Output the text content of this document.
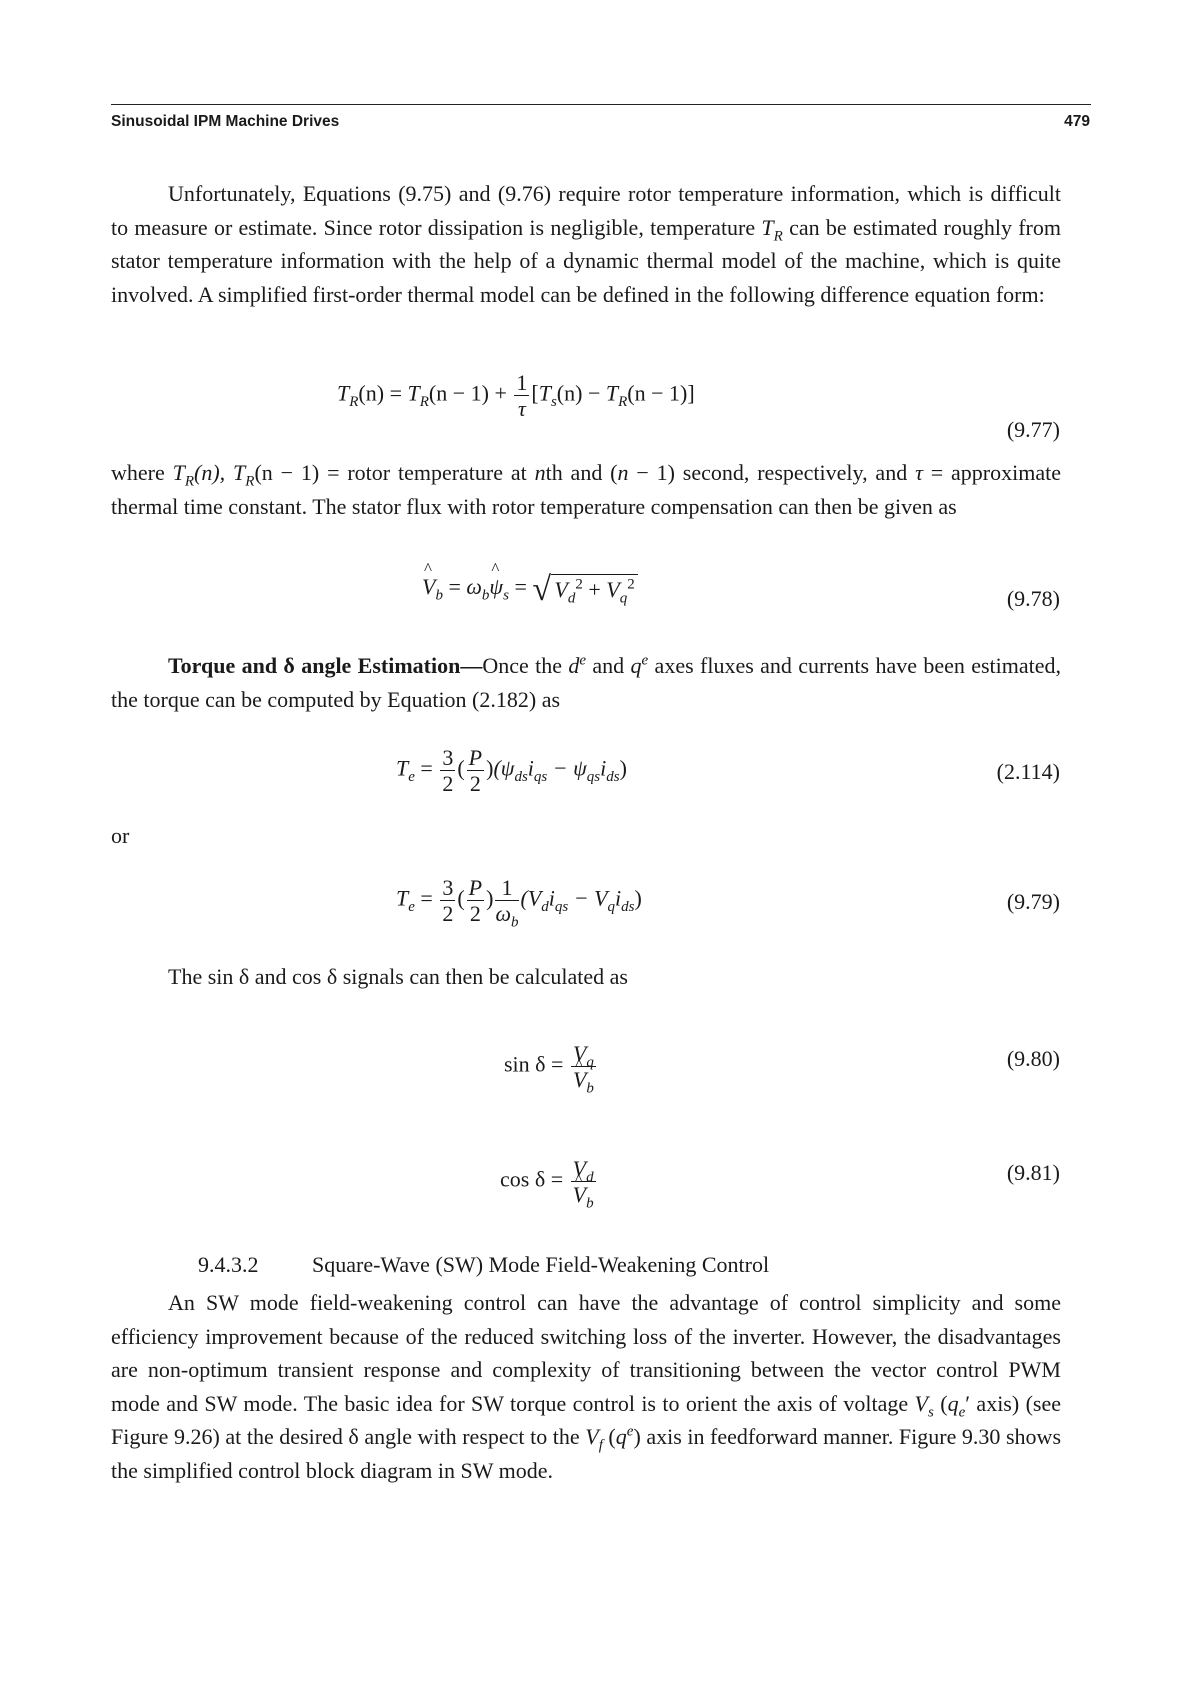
Sinusoidal IPM Machine Drives	479

Unfortunately, Equations (9.75) and (9.76) require rotor temperature information, which is difficult to measure or estimate. Since rotor dissipation is negligible, temperature $T_R$ can be estimated roughly from stator temperature information with the help of a dynamic thermal model of the machine, which is quite involved. A simplified first-order thermal model can be defined in the following difference equation form:

$T_R(n) = T_R(n - 1) + \frac{1}{\tau} [T_s(n) - T_R(n - 1)]$
(9.77)

where $T_R(n)$, $T_R(n - 1)$ = rotor temperature at nth and (n − 1) second, respectively, and τ = approximate thermal time constant. The stator flux with rotor temperature compensation can then be given as

^ $V_b$ = $\omega_b\^{}$ $\psi_s$ = √ $V_d^2 + V_q^2$
(9.78)

Torque and δ angle Estimation—Once the $d^e$ and $q^e$ axes fluxes and currents have been estimated, the torque can be computed by Equation (2.182) as

$T_e = \frac{3}{2}$ ( $\frac{P}{2} )(\psi_{ds}i_{qs} - \psi_{qs}i_{ds})$	(2.114)
or
$T_e = \frac{3}{2}$ ( $\frac{P}{2}$ ) $\frac{1}{\omega_b} (V_di_{qs} - V_qi_{ds})$	(9.79)

The sin δ and cos δ signals can then be calculated as

$\sin \delta = V_q$
^ $V_b$	(9.80)
$\cos \delta = V_d$
^ $V_b$	(9.81)
9.4.3.2 Square-Wave (SW) Mode Field-Weakening Control

An SW mode field-weakening control can have the advantage of control simplicity and some efficiency improvement because of the reduced switching loss of the inverter. However, the disadvantages are non-optimum transient response and complexity of transitioning between the vector control PWM mode and SW mode. The basic idea for SW torque control is to orient the axis of voltage $V_s$ ($q_e'$ axis) (see Figure 9.26) at the desired δ angle with respect to the $V_f$ $(q^e)$ axis in feedforward manner. Figure 9.30 shows the simplified control block diagram in SW mode.
